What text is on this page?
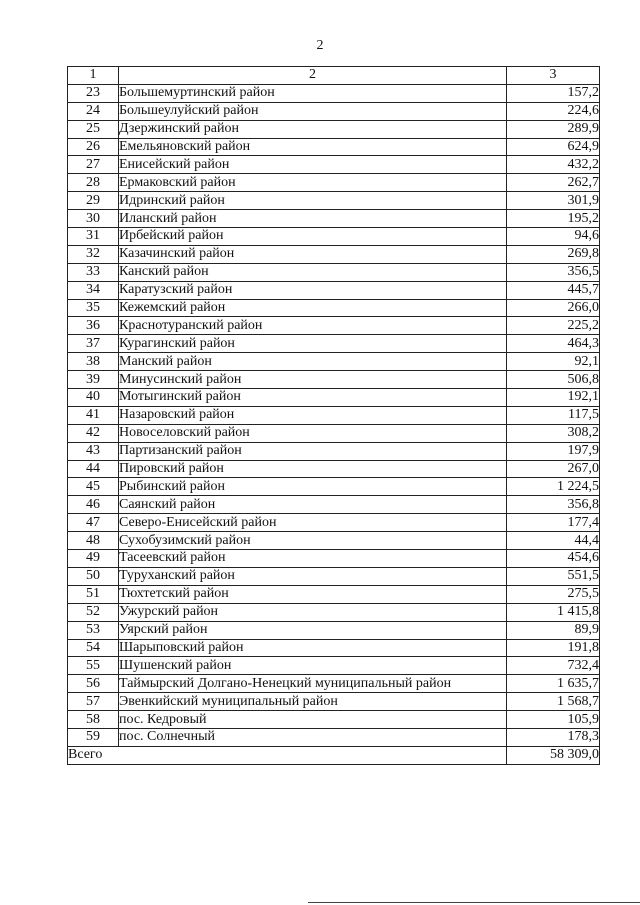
2
1	2	3
23	Большемуртинский район	157,2
24	Большеулуйский район	224,6
25	Дзержинский район	289,9
26	Емельяновский район	624,9
27	Енисейский район	432,2
28	Ермаковский район	262,7
29	Идринский район	301,9
30	Иланский район	195,2
31	Ирбейский район	94,6
32	Казачинский район	269,8
33	Канский район	356,5
34	Каратузский район	445,7
35	Кежемский район	266,0
36	Краснотуранский район	225,2
37	Курагинский район	464,3
38	Манский район	92,1
39	Минусинский район	506,8
40	Мотыгинский район	192,1
41	Назаровский район	117,5
42	Новоселовский район	308,2
43	Партизанский район	197,9
44	Пировский район	267,0
45	Рыбинский район	1 224,5
46	Саянский район	356,8
47	Северо-Енисейский район	177,4
48	Сухобузимский район	44,4
49	Тасеевский район	454,6
50	Туруханский район	551,5
51	Тюхтетский район	275,5
52	Ужурский район	1 415,8
53	Уярский район	89,9
54	Шарыповский район	191,8
55	Шушенский район	732,4
56	Таймырский Долгано-Ненецкий муниципальный район	1 635,7
57	Эвенкийский муниципальный район	1 568,7
58	пос. Кедровый	105,9
59	пос. Солнечный	178,3
Всего		58 309,0
